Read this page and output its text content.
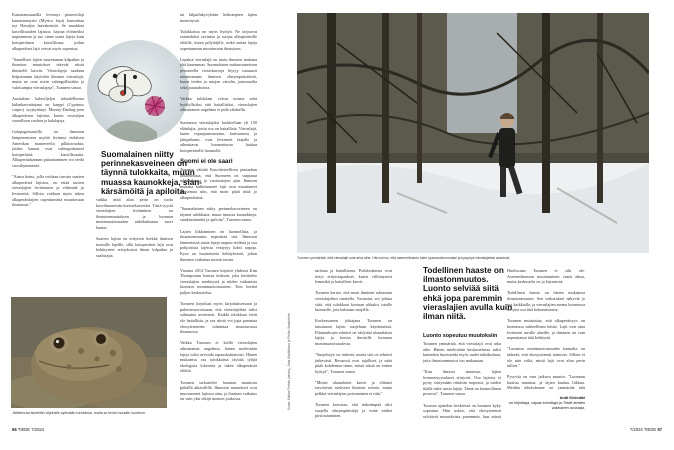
Kanariansaaarilla levinnyt pioneerilaji kanarianmyrtti (Myrica faya) kansoittaa nyt Havaijin laavakenttiä. Se muokkaa kasvillisuuden lajistoa, hajoaa eliöineiksi nopeammin ja tuo sinne uusia lajeja kuin kotoperäinen kasvillisuus, joihin alkuperäiset lajit voivat myös sopeutua.

"Saarelliset lajien suuremman kilpailun ja ilmaston muutokset tekevät niistä ihmiselle kasvin. Vieraslajeja saadaan helpoimmin käyttöön ihmisen vieraslajit, mutta ne ovat usein vahingollisiakin ja valoisampia vieraslajeja", Turunen sanoo.

Australian kalaviljelyn taloudellisena kalankasvattajana on karppi (Cyprinus carpio) syrjäyttänyt Murray-Darling-joen alkuperäisen lajiston, kuten vesistöjen vaarallisen ruohon ja kalalajeja.

Galapagossaarilla on ilmaston lämpenemisen myötä levinnyt eteläisen Amerikan mantereelta pilkkuvuohia, joiden kannat ovat vahingoittaneet kotoperäistä kasvillisuutta. Alkuperäiskannan palauttaminen voi viedä vuosikymmeniä.

"Ainoa keino, jolla voidaan turvata saarten alkuperäistä lajistoa, on estää uusien vieraslajien leviäminen ja vähentää jo levinneitä. Silloin voidaan myös tukea alkuperäislajien sopeutumista muuttuvaan ilmastoon."
Suomalainen niitty perinnekasveineen on täynnä tulokkaita, muun muassa kaunokkeja, sian- kärsämöitä ja apiloita.
vaikka niitä alun perin on tuotu kasvihuoneisiin koristekasveiksi. Tästä syystä vieraslajien leviäminen on ilmastonmuutoksen ja luonnon monimuotoisuuden näkökulmasta suuri haaste.

Saarten lajisto on erityisen herkkä ihmisen tuomille lajeille, sillä kotoperäiset lajit ovat kehittyneet eristyksissä ilman kilpailua ja saalistajia.
tai kilpailukyvyltään heikompien lajien menestystä.

Tulokkaista on myös hyötyä. Ne tarjoavat esimerkiksi ravintoa ja suojaa alkuperäisille eliöille, kuten pölyttäjille, mikä auttaa lajeja sopeutumaan muuttuvaan ilmastoon.

Lepakot vieraslajit on tuotu ihmisen mukana yhä kauemmas. Suomalaisen mittausaineiston perusteella vieraskasveja löytyy runsaasti nimenomaan ihmisen elinympäristöistä, kuten teiden ja ratojen varsilta, joutomailta sekä puutarhoista.

Vaikka tulokkaat voivat nousta sekä hyödyllisiksi että haitallisiksi, vieraslajien aiheuttamia ongelmia ei pidä vähätellä.
Suomessa vieraslajiksi luokitellaan yli 150 eläinlajia, joista osa on haitallisia. Vieraslajit, kuten espanjansiruetana, kurtturuusu ja jättipalsami, ovat levinneet laajalle ja aiheuttavat huomattavaa haittaa kotoperäiselle luonnolle.

Suomi ei ole saari
Turunen väittää Kasvitieteellisen puutarhan kokoelmista, että Suomeen on saapunut tulokaslajeja jo vuosisatojen ajan. Ihmisen mukana kulkeutuneet lajit ovat muuttaneet maisemaa niin, että moni pitää niitä jo alkuperäisinä.

"Suomalainen niitty perinnekasveineen on täynnä tulokkaita, muun muassa kaunokkeja, siankärsämöitä ja apiloita", Turunen sanoo.

Lajien liikkuminen on luonnollista, ja ilmastonmuutos nopeuttaa sitä. Ilmaston lämmetessä uusia lajeja saapuu etelästä ja osa pohjoisista lajeista vetäytyy kohti napoja. Kyse on luontaisesta kehityksestä, johon ihminen vaikuttaa monin tavoin.

Vuonna 2014 Turunen kirjoitti yhdessä Kim Thompsonin kanssa teoksen, joka käsittelee vieraslajien merkitystä ja niiden vaikutusta luonnon monimuotoisuuteen. Teos herätti paljon keskustelua.

Turunen kirjoittaa myös kirjoituksessaan ja puheenvuoroissaan, että vieraslajeihin tulisi suhtautua avoimesti. Kaikki tulokkaat eivät ole haitallisia, ja osa niistä voi jopa parantaa ekosysteemien toimintaa muuttuvassa ilmastossa.

Vaikka Turunen ei kiellä vieraslajien aiheuttamia ongelmia, hänen mielestään lajeja tulisi arvioida tapauskohtaisesti. Hänen mukaansa osa tulokkaista täyttää tyhjiä ekologisia lokeroita ja tukee alkuperäisiä eliöitä.

Turunen tarkastelee luonnon muutosta pitkällä aikavälillä. Ilmaston muutokset ovat muovanneet lajistoa aina, ja ihmisen vaikutus on vain yksi tekijä monien joukossa.
Jättikenraa istuteltiin viljelmille syömään tuholaisia, mutta se levisi muualle luontoon.
Kuvat: Matias Peltola (vasen), Juha Kärkkäinen ja Pirkko Sandström
56 TIEDE 7/2024
Turunen ymmärtää, että vieraslajit ovat arka aihe. Hän toivoo, että asenneilmasto tulee nyanssoidummaksi ja kysymys vieraslajeista avautuisi.
turhana ja haitallisena. Poikkeuksena ovat tietyt erityistapaukset, kuten villiintyneet lemmikit ja haitalliset kasvit.

Turunen kertoo, että moni ihminen suhtautuu vieraslajeihin tunteella. Vastustus voi johtua siitä, että tulokkaat koetaan uhkaksi tutulle luonnolle, jota halutaan suojella.

Korkeasaaren johtajana Turunen on tutustunut lajien suojeluun käytännössä. Eläintarhojen tehtävä on säilyttää uhanalaisia lajeja ja kertoa ihmisille luonnon monimuotoisuudesta.

"Suojelutyö on tärkeää, mutta sitä on tehtävä järkevästi. Resurssit ovat rajalliset, ja niitä pitää kohdentaa sinne, missä niistä on eniten hyötyä", Turunen sanoo.

"Monet uhanalaiset kasvit ja eläimet tarvitsevat tuekseen ihmisen toimia, mutta pelkkä vieraslajien poistaminen ei riitä."

Turunen korostaa, että tärkeämpää olisi suojella elinympäristöjä ja estää niiden pirstoutuminen.
Todellinen haaste on ilmastonmuutos. Luonto selviää siitä ehkä jopa paremmin vieraslajien avulla kuin ilman niitä.
Luonto sopeutuu muutoksiin
Turunen ymmärtää, että vieraslajit ovat arka aihe. Hänen mielestään keskustelussa tulisi kuitenkin huomioida myös uudet näkökulmat, joita ilmastonmuutos tuo mukanaan.

"Kun ilmasto muuttuu, lajien levinneisyysalueet siirtyvät. Osa lajeista ei pysty siirtymään riittävän nopeasti, ja niiden tilalle tulee uusia lajeja. Tämä on luonnollinen prosessi", Turunen sanoo.

Turusen ajattelun keskiössä on luonnon kyky sopeutua. Hän uskoo, että ekosysteemit selviävät muutoksista paremmin, kun niissä
Huolissaan Turunen ei silti ole. Asenneilmaston muuttuminen vaatii aikaa, mutta keskustelu on jo käynnissä.

Todellinen haaste on hänen mukaansa ilmastonmuutos. Sen vaikutukset näkyvät jo nyt kaikkialla, ja vieraslajien asema luonnossa on yksi osa tätä kokonaisuutta.

Turunen muistuttaa, että alkuperäisyys on luonnossa suhteellinen käsite. Lajit ovat aina levinneet uusille alueille, ja ihminen on vain nopeuttanut tätä kehitystä.

"Luonnon monimuotoisuuden kannalta on tärkeää, että ekosysteemit toimivat. Silloin ei ole niin väliä, mistä lajit ovat alun perin tulleet."

Pysyvää on vain jatkuva muutos. "Luonnon kuuluu muuttua, ja lajien kuuluu liikkua. Meidän tehtävämme on ymmärtää tätä
Antti Kivimäki
on kirjoittaja, vapaa toimittaja ja Tiede-lehden vakituinen avustaja.
7/2024 TIEDE 57
